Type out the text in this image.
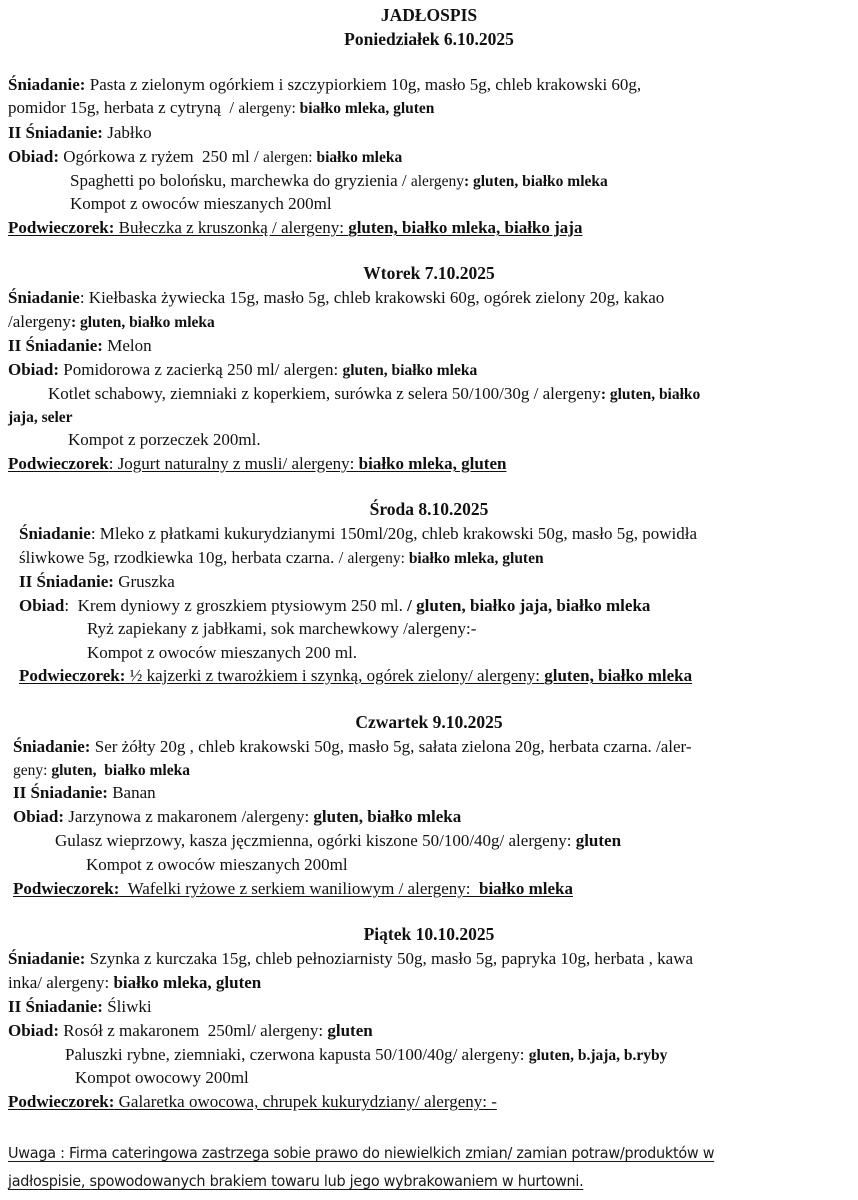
JADŁOSPIS
Poniedziałek 6.10.2025
Śniadanie: Pasta z zielonym ogórkiem i szczypiorkiem 10g, masło 5g, chleb krakowski 60g,
pomidor 15g, herbata z cytryną  / alergeny: białko mleka, gluten
II Śniadanie: Jabłko
Obiad: Ogórkowa z ryżem  250 ml / alergen: białko mleka
Spaghetti po bolońsku, marchewka do gryzienia / alergeny: gluten, białko mleka
Kompot z owoców mieszanych 200ml
Podwieczorek: Bułeczka z kruszonką / alergeny: gluten, białko mleka, białko jaja
Wtorek 7.10.2025
Śniadanie: Kiełbaska żywiecka 15g, masło 5g, chleb krakowski 60g, ogórek zielony 20g, kakao
/alergeny: gluten, białko mleka
II Śniadanie: Melon
Obiad: Pomidorowa z zacierką 250 ml/ alergen: gluten, białko mleka
Kotlet schabowy, ziemniaki z koperkiem, surówka z selera 50/100/30g / alergeny: gluten, białko
jaja, seler
Kompot z porzeczek 200ml.
Podwieczorek: Jogurt naturalny z musli/ alergeny: białko mleka, gluten
Środa 8.10.2025
Śniadanie: Mleko z płatkami kukurydzianymi 150ml/20g, chleb krakowski 50g, masło 5g, powidła
śliwkowe 5g, rzodkiewka 10g, herbata czarna. / alergeny: białko mleka, gluten
II Śniadanie: Gruszka
Obiad:  Krem dyniowy z groszkiem ptysiowym 250 ml. / gluten, białko jaja, białko mleka
Ryż zapiekany z jabłkami, sok marchewkowy /alergeny:-
Kompot z owoców mieszanych 200 ml.
Podwieczorek: ½ kajzerki z twarożkiem i szynką, ogórek zielony/ alergeny: gluten, białko mleka
Czwartek 9.10.2025
Śniadanie: Ser żółty 20g , chleb krakowski 50g, masło 5g, sałata zielona 20g, herbata czarna. /aler-
geny: gluten,  białko mleka
II Śniadanie: Banan
Obiad: Jarzynowa z makaronem /alergeny: gluten, białko mleka
Gulasz wieprzowy, kasza jęczmienna, ogórki kiszone 50/100/40g/ alergeny: gluten
Kompot z owoców mieszanych 200ml
Podwieczorek:  Wafelki ryżowe z serkiem waniliowym / alergeny:  białko mleka
Piątek 10.10.2025
Śniadanie: Szynka z kurczaka 15g, chleb pełnoziarnisty 50g, masło 5g, papryka 10g, herbata , kawa
inka/ alergeny: białko mleka, gluten
II Śniadanie: Śliwki
Obiad: Rosół z makaronem  250ml/ alergeny: gluten
Paluszki rybne, ziemniaki, czerwona kapusta 50/100/40g/ alergeny: gluten, b.jaja, b.ryby
Kompot owocowy 200ml
Podwieczorek: Galaretka owocowa, chrupek kukurydziany/ alergeny: -
Uwaga : Firma cateringowa zastrzega sobie prawo do niewielkich zmian/ zamian potraw/produktów w
jadłospisie, spowodowanych brakiem towaru lub jego wybrakowaniem w hurtowni.
